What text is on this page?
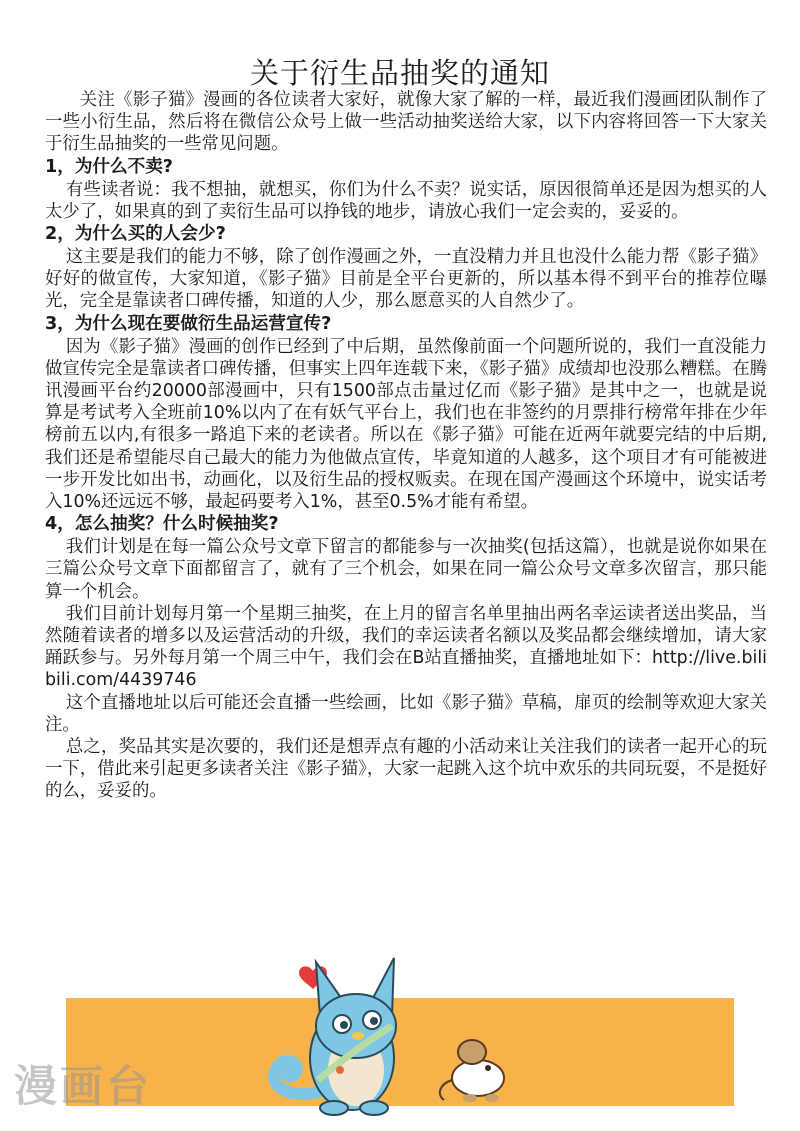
关于衍生品抽奖的通知

关注《影子猫》漫画的各位读者大家好，就像大家了解的一样，最近我们漫画团队制作了一些小衍生品，然后将在微信公众号上做一些活动抽奖送给大家，以下内容将回答一下大家关于衍生品抽奖的一些常见问题。

1，为什么不卖?

有些读者说：我不想抽，就想买，你们为什么不卖？说实话，原因很简单还是因为想买的人太少了，如果真的到了卖衍生品可以挣钱的地步，请放心我们一定会卖的，妥妥的。

2，为什么买的人会少?

这主要是我们的能力不够，除了创作漫画之外，一直没精力并且也没什么能力帮《影子猫》好好的做宣传，大家知道，《影子猫》目前是全平台更新的，所以基本得不到平台的推荐位曝光，完全是靠读者口碑传播，知道的人少，那么愿意买的人自然少了。

3，为什么现在要做衍生品运营宣传?

因为《影子猫》漫画的创作已经到了中后期，虽然像前面一个问题所说的，我们一直没能力做宣传完全是靠读者口碑传播，但事实上四年连载下来，《影子猫》成绩却也没那么糟糕。在腾讯漫画平台约20000部漫画中，只有1500部点击量过亿而《影子猫》是其中之一，也就是说算是考试考入全班前10%以内了在有妖气平台上，我们也在非签约的月票排行榜常年排在少年榜前五以内,有很多一路追下来的老读者。所以在《影子猫》可能在近两年就要完结的中后期,我们还是希望能尽自己最大的能力为他做点宣传，毕竟知道的人越多，这个项目才有可能被进一步开发比如出书，动画化，以及衍生品的授权贩卖。在现在国产漫画这个环境中，说实话考入10%还远远不够，最起码要考入1%，甚至0.5%才能有希望。

4，怎么抽奖？什么时候抽奖?

我们计划是在每一篇公众号文章下留言的都能参与一次抽奖(包括这篇），也就是说你如果在三篇公众号文章下面都留言了，就有了三个机会，如果在同一篇公众号文章多次留言，那只能算一个机会。

我们目前计划每月第一个星期三抽奖，在上月的留言名单里抽出两名幸运读者送出奖品，当然随着读者的增多以及运营活动的升级，我们的幸运读者名额以及奖品都会继续增加，请大家踊跃参与。另外每月第一个周三中午，我们会在B站直播抽奖，直播地址如下：http://live.bilibili.com/4439746

这个直播地址以后可能还会直播一些绘画，比如《影子猫》草稿，扉页的绘制等欢迎大家关注。

总之，奖品其实是次要的，我们还是想弄点有趣的小活动来让关注我们的读者一起开心的玩一下，借此来引起更多读者关注《影子猫》，大家一起跳入这个坑中欢乐的共同玩耍，不是挺好的么，妥妥的。

漫画台
